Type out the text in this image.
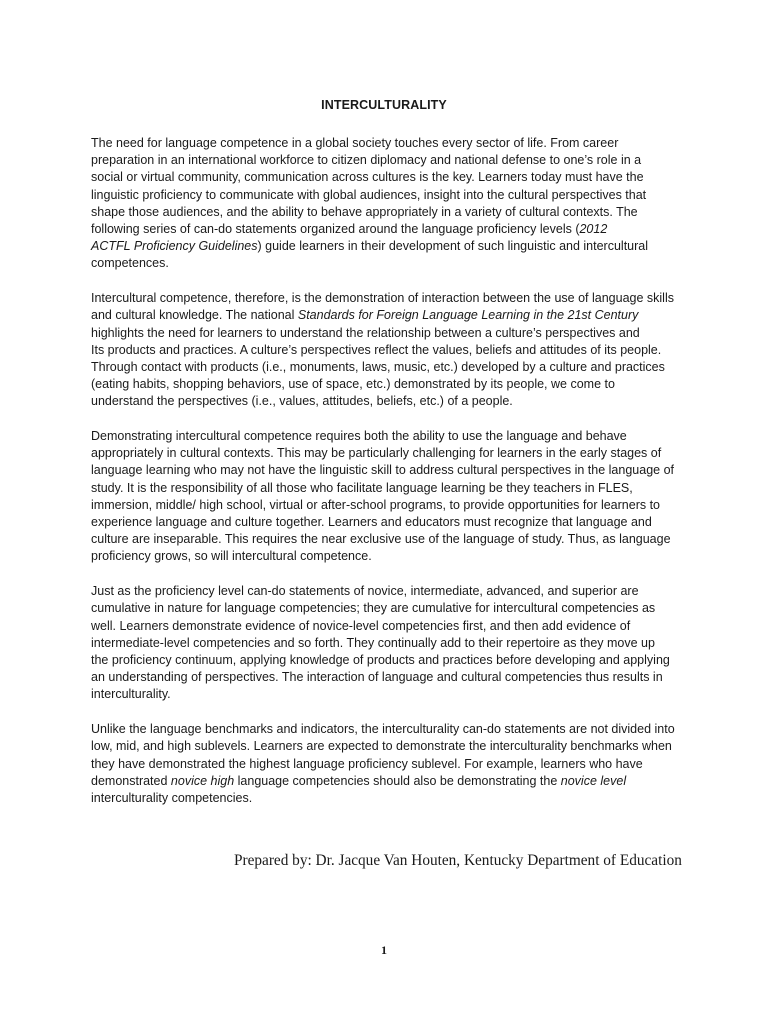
INTERCULTURALITY

The need for language competence in a global society touches every sector of life. From career
preparation in an international workforce to citizen diplomacy and national defense to one’s role in a
social or virtual community, communication across cultures is the key. Learners today must have the
linguistic proficiency to communicate with global audiences, insight into the cultural perspectives that
shape those audiences, and the ability to behave appropriately in a variety of cultural contexts. The
following series of can-do statements organized around the language proficiency levels (2012
ACTFL Proficiency Guidelines) guide learners in their development of such linguistic and intercultural
competences.

Intercultural competence, therefore, is the demonstration of interaction between the use of language skills
and cultural knowledge. The national Standards for Foreign Language Learning in the 21st Century
highlights the need for learners to understand the relationship between a culture’s perspectives and
Its products and practices. A culture’s perspectives reflect the values, beliefs and attitudes of its people.
Through contact with products (i.e., monuments, laws, music, etc.) developed by a culture and practices
(eating habits, shopping behaviors, use of space, etc.) demonstrated by its people, we come to
understand the perspectives (i.e., values, attitudes, beliefs, etc.) of a people.

Demonstrating intercultural competence requires both the ability to use the language and behave
appropriately in cultural contexts. This may be particularly challenging for learners in the early stages of
language learning who may not have the linguistic skill to address cultural perspectives in the language of
study. It is the responsibility of all those who facilitate language learning be they teachers in FLES,
immersion, middle/ high school, virtual or after-school programs, to provide opportunities for learners to
experience language and culture together. Learners and educators must recognize that language and
culture are inseparable. This requires the near exclusive use of the language of study. Thus, as language
proficiency grows, so will intercultural competence.

Just as the proficiency level can-do statements of novice, intermediate, advanced, and superior are
cumulative in nature for language competencies; they are cumulative for intercultural competencies as
well. Learners demonstrate evidence of novice-level competencies first, and then add evidence of
intermediate-level competencies and so forth. They continually add to their repertoire as they move up
the proficiency continuum, applying knowledge of products and practices before developing and applying
an understanding of perspectives. The interaction of language and cultural competencies thus results in
interculturality.

Unlike the language benchmarks and indicators, the interculturality can-do statements are not divided into
low, mid, and high sublevels. Learners are expected to demonstrate the interculturality benchmarks when
they have demonstrated the highest language proficiency sublevel. For example, learners who have
demonstrated novice high language competencies should also be demonstrating the novice level
interculturality competencies.

Prepared by: Dr. Jacque Van Houten, Kentucky Department of Education
1
